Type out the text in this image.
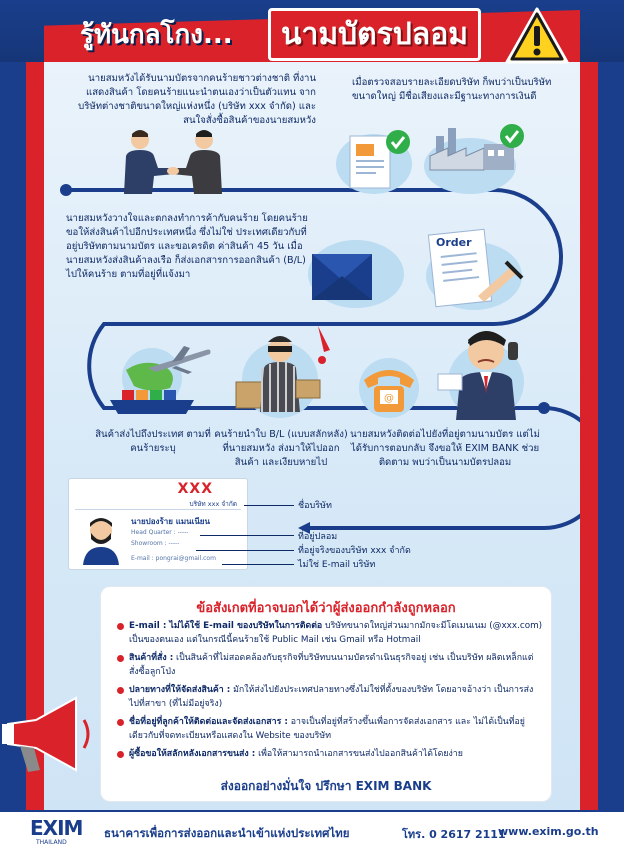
รู้ทันกลโกง...	นามบัตรปลอม
นายสมหวังได้รับนามบัตรจากคนร้ายชาวต่างชาติ ที่งานแสดงสินค้า โดยคนร้ายแนะนำตนเองว่าเป็นตัวแทน จากบริษัทต่างชาติขนาดใหญ่แห่งหนึ่ง (บริษัท xxx จำกัด) และสนใจสั่งซื้อสินค้าของนายสมหวัง
เมื่อตรวจสอบรายละเอียดบริษัท ก็พบว่าเป็นบริษัทขนาดใหญ่ มีชื่อเสียงและมีฐานะทางการเงินดี
นายสมหวังวางใจและตกลงทำการค้ากับคนร้าย โดยคนร้ายขอให้ส่งสินค้าไปอีกประเทศหนึ่ง ซึ่งไม่ใช่ ประเทศเดียวกับที่อยู่บริษัทตามนามบัตร และขอเครดิต ค่าสินค้า 45 วัน เมื่อนายสมหวังส่งสินค้าลงเรือ ก็ส่งเอกสารการออกสินค้า (B/L) ไปให้คนร้าย ตามที่อยู่ที่แจ้งมา
Order
@
สินค้าส่งไปถึงประเทศ ตามที่คนร้ายระบุ
คนร้ายนำใบ B/L (แบบสลักหลัง) ที่นายสมหวัง ส่งมาให้ไปออกสินค้า และเงียบหายไป
นายสมหวังติดต่อไปยังที่อยู่ตามนามบัตร แต่ไม่ได้รับการตอบกลับ จึงขอให้ EXIM BANK ช่วยติดตาม พบว่าเป็นนามบัตรปลอม
XXX
บริษัท xxx จำกัด
นายปองร้าย แมนเนียน
Head Quarter : -----
Showroom : -----
E-mail : pongrai@gmail.com
ชื่อบริษัท
ที่อยู่ปลอม
ที่อยู่จริงของบริษัท xxx จำกัด
ไม่ใช่ E-mail บริษัท
ข้อสังเกตที่อาจบอกได้ว่าผู้ส่งออกกำลังถูกหลอก
E-mail : ไม่ได้ใช้ E-mail ของบริษัทในการติดต่อ บริษัทขนาดใหญ่ส่วนมากมักจะมีโดเมนเนม (@xxx.com) เป็นของตนเอง แต่ในกรณีนี้คนร้ายใช้ Public Mail เช่น Gmail หรือ Hotmail
สินค้าที่สั่ง : เป็นสินค้าที่ไม่สอดคล้องกับธุรกิจที่บริษัทบนนามบัตรดำเนินธุรกิจอยู่ เช่น เป็นบริษัท ผลิตเหล็กแต่สั่งซื้อลูกโป่ง
ปลายทางที่ให้จัดส่งสินค้า : มักให้ส่งไปยังประเทศปลายทางซึ่งไม่ใช่ที่ตั้งของบริษัท โดยอาจอ้างว่า เป็นการส่งไปที่สาขา (ที่ไม่มีอยู่จริง)
ชื่อที่อยู่ที่ลูกค้าให้ติดต่อและจัดส่งเอกสาร : อาจเป็นที่อยู่ที่สร้างขึ้นเพื่อการจัดส่งเอกสาร และ ไม่ได้เป็นที่อยู่เดียวกับที่จดทะเบียนหรือแสดงใน Website ของบริษัท
ผู้ซื้อขอให้สลักหลังเอกสารขนส่ง : เพื่อให้สามารถนำเอกสารขนส่งไปออกสินค้าได้โดยง่าย
ส่งออกอย่างมั่นใจ ปรึกษา EXIM BANK
EXIM
THAILAND
ธนาคารเพื่อการส่งออกและนำเข้าแห่งประเทศไทย	โทร. 0 2617 2111
www.exim.go.th
